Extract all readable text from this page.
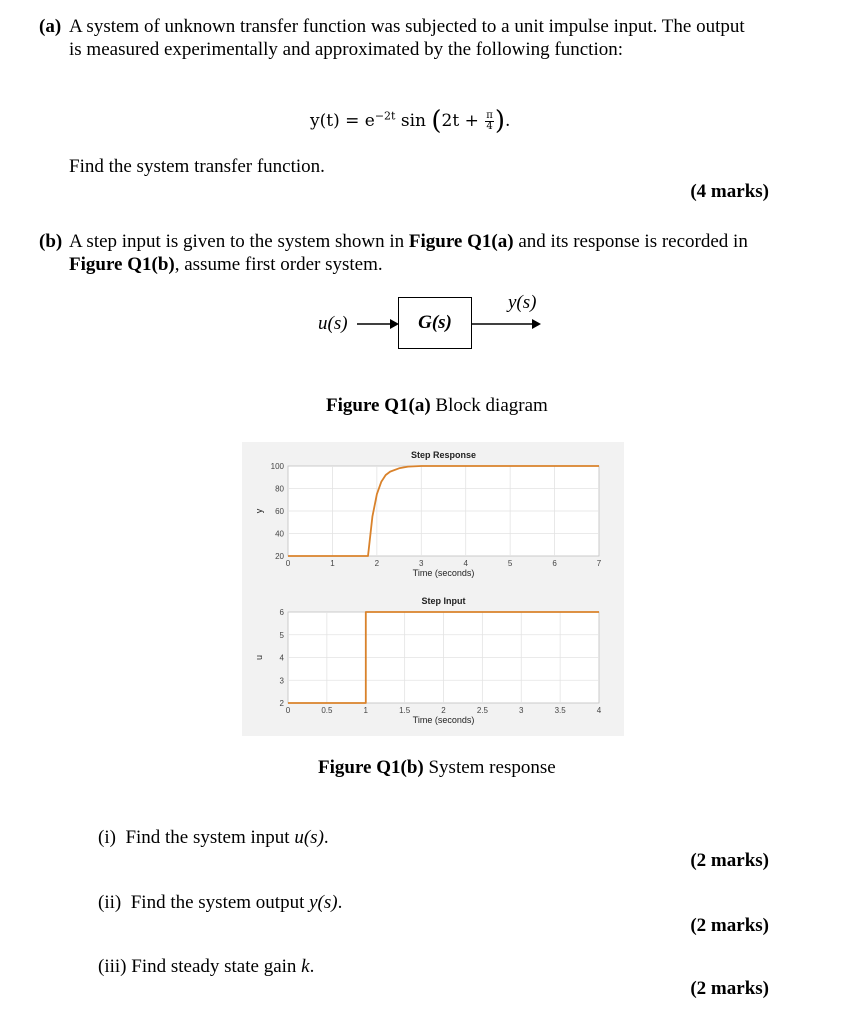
(a) A system of unknown transfer function was subjected to a unit impulse input. The output
is measured experimentally and approximated by the following function:
$y(t) = e^{-2t}$ $\sin (2t + \frac{\pi}{4}$ ).
Find the system transfer function.
(4 marks)
(b) A step input is given to the system shown in Figure Q1(a) and its response is recorded in
Figure Q1(b), assume first order system.
u(s)	G(s)
y(s)
Figure Q1(a) Block diagram
0	1	2	3	4	5	6	7
20
40
60
80
100
Step Response
Time (seconds)
y
0	0.5	1	1.5	2	2.5	3	3.5	4
2
3
4
5
6
Step Input
Time (seconds)
u
Figure Q1(b) System response
(i) Find the system input u(s).
(2 marks)
(ii) Find the system output y(s).
(2 marks)
(iii) Find steady state gain k.
(2 marks)
